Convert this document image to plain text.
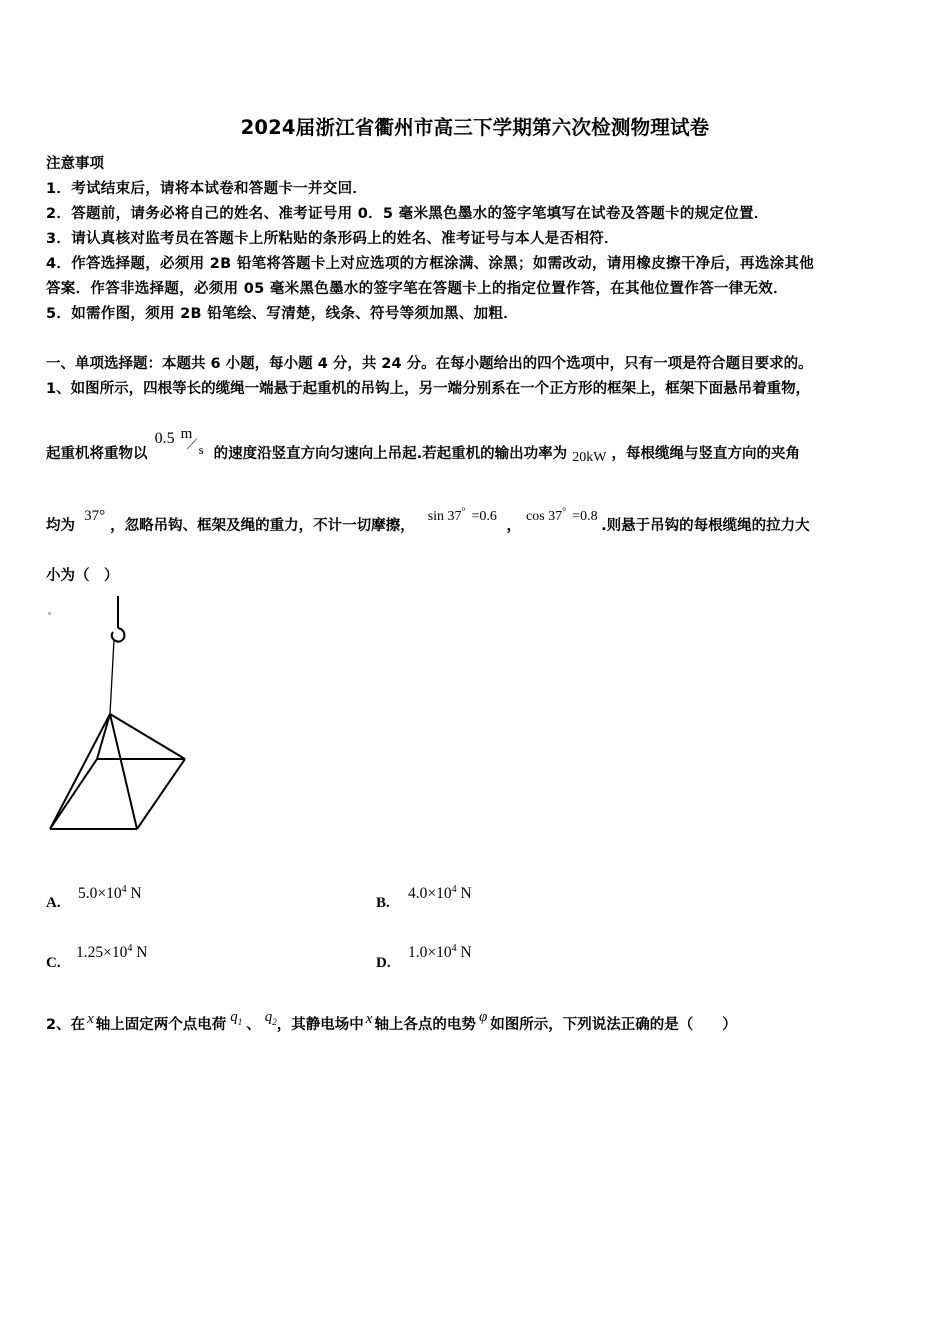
2024届浙江省衢州市高三下学期第六次检测物理试卷
注意事项
1．考试结束后，请将本试卷和答题卡一并交回．
2．答题前，请务必将自己的姓名、准考证号用 0．5 毫米黑色墨水的签字笔填写在试卷及答题卡的规定位置．
3．请认真核对监考员在答题卡上所粘贴的条形码上的姓名、准考证号与本人是否相符．
4．作答选择题，必须用 2B 铅笔将答题卡上对应选项的方框涂满、涂黑；如需改动，请用橡皮擦干净后，再选涂其他
答案．作答非选择题，必须用 05 毫米黑色墨水的签字笔在答题卡上的指定位置作答，在其他位置作答一律无效．
5．如需作图，须用 2B 铅笔绘、写清楚，线条、符号等须加黑、加粗．
一、单项选择题：本题共 6 小题，每小题 4 分，共 24 分。在每小题给出的四个选项中，只有一项是符合题目要求的。
1、如图所示，四根等长的缆绳一端悬于起重机的吊钩上，另一端分别系在一个正方形的框架上，框架下面悬吊着重物，
起重机将重物以
0.5 m
/ s 的速度沿竖直方向匀速向上吊起.若起重机的输出功率为 20kW ，每根缆绳与竖直方向的夹角
均为 37° ，忽略吊钩、框架及绳的重力，不计一切摩擦， sin 37° =0.6 ， cos 37° =0.8 .则悬于吊钩的每根缆绳的拉力大
小为（　）
A.
$5.0\times 10^4$ N
B.
$4.0\times 10^4$ N
C.
$1.25\times 10^4$ N
D.
$1.0\times 10^4$ N
2、在 x 轴上固定两个点电荷 $q_1$ 、 $q_2$，其静电场中 x 轴上各点的电势 φ 如图所示，下列说法正确的是（　　）
